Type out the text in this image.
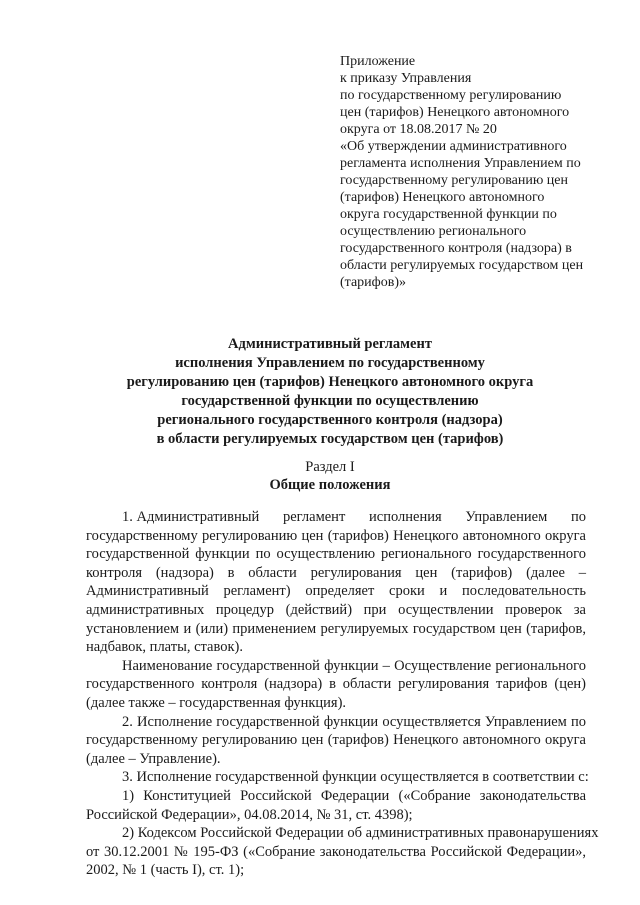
Приложение
к приказу Управления
по государственному регулированию
цен (тарифов) Ненецкого автономного
округа от 18.08.2017 № 20
«Об утверждении административного
регламента исполнения Управлением по
государственному регулированию цен
(тарифов) Ненецкого автономного
округа государственной функции по
осуществлению регионального
государственного контроля (надзора) в
области регулируемых государством цен
(тарифов)»
Административный регламент
исполнения Управлением по государственному
регулированию цен (тарифов) Ненецкого автономного округа
государственной функции по осуществлению
регионального государственного контроля (надзора)
в области регулируемых государством цен (тарифов)
Раздел I
Общие положения
1. Административный регламент исполнения Управлением по
государственному регулированию цен (тарифов) Ненецкого автономного округа
государственной функции по осуществлению регионального государственного
контроля (надзора) в области регулирования цен (тарифов) (далее –
Административный регламент) определяет сроки и последовательность
административных процедур (действий) при осуществлении проверок за
установлением и (или) применением регулируемых государством цен (тарифов,
надбавок, платы, ставок).
Наименование государственной функции – Осуществление регионального
государственного контроля (надзора) в области регулирования тарифов (цен)
(далее также – государственная функция).
2. Исполнение государственной функции осуществляется Управлением по
государственному регулированию цен (тарифов) Ненецкого автономного округа
(далее – Управление).
3. Исполнение государственной функции осуществляется в соответствии с:
1) Конституцией Российской Федерации («Собрание законодательства
Российской Федерации», 04.08.2014, № 31, ст. 4398);
2) Кодексом Российской Федерации об административных правонарушениях
от 30.12.2001 № 195-ФЗ («Собрание законодательства Российской Федерации»,
2002, № 1 (часть I), ст. 1);
